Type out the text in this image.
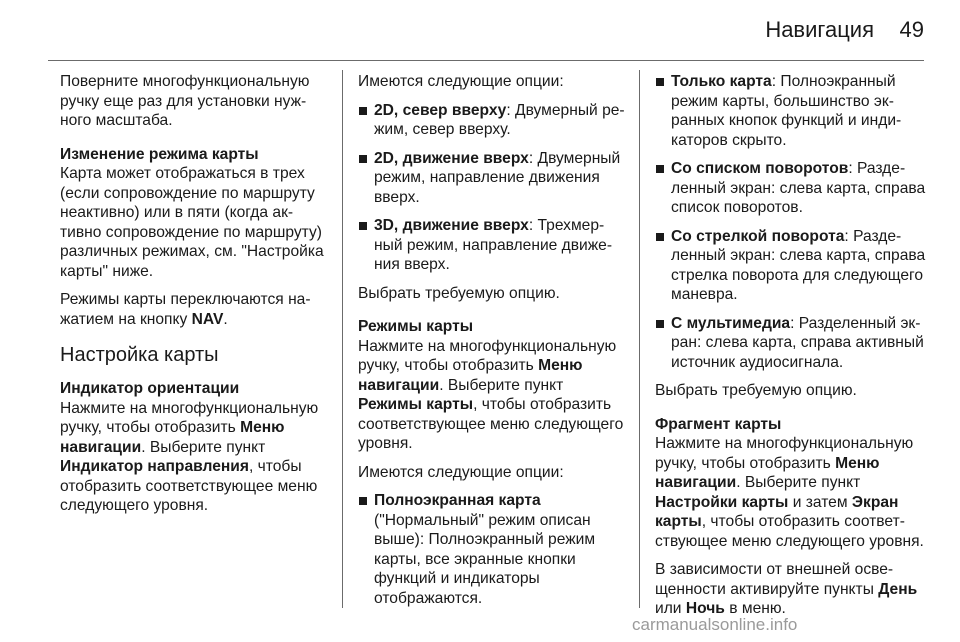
Навигация 49

Поверните многофункциональную ручку еще раз для установки нужного масштаба.

Изменение режима карты
Карта может отображаться в трех (если сопровождение по маршруту неактивно) или в пяти (когда активно сопровождение по маршруту) различных режимах, см. "Настройка карты" ниже.

Режимы карты переключаются нажатием на кнопку NAV.

Настройка карты

Индикатор ориентации
Нажмите на многофункциональную ручку, чтобы отобразить Меню навигации. Выберите пункт Индикатор направления, чтобы отобразить соответствующее меню следующего уровня.

Имеются следующие опции:

2D, север вверху: Двумерный режим, север вверху.
2D, движение вверх: Двумерный режим, направление движения вверх.
3D, движение вверх: Трехмерный режим, направление движения вверх.

Выбрать требуемую опцию.

Режимы карты
Нажмите на многофункциональную ручку, чтобы отобразить Меню навигации. Выберите пункт Режимы карты, чтобы отобразить соответствующее меню следующего уровня.

Имеются следующие опции:

Полноэкранная карта ("Нормальный" режим описан выше): Полноэкранный режим карты, все экранные кнопки функций и индикаторы отображаются.
Только карта: Полноэкранный режим карты, большинство экранных кнопок функций и индикаторов скрыто.
Со списком поворотов: Разделенный экран: слева карта, справа список поворотов.
Со стрелкой поворота: Разделенный экран: слева карта, справа стрелка поворота для следующего маневра.
С мультимедиа: Разделенный экран: слева карта, справа активный источник аудиосигнала.

Выбрать требуемую опцию.

Фрагмент карты
Нажмите на многофункциональную ручку, чтобы отобразить Меню навигации. Выберите пункт Настройки карты и затем Экран карты, чтобы отобразить соответствующее меню следующего уровня.

В зависимости от внешней освещенности активируйте пункты День или Ночь в меню.

carmanualsonline.info
